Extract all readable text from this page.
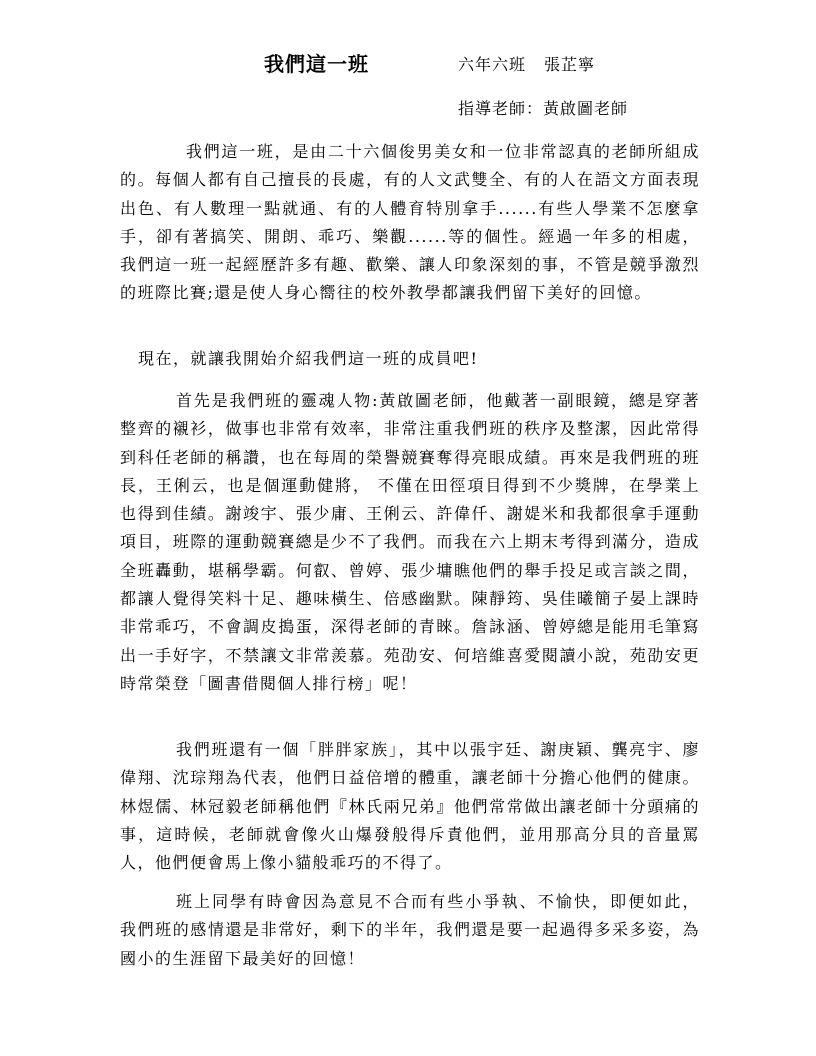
我們這一班	六年六班 張芷寧
指導老師：黃啟圖老師

我們這一班，是由二十六個俊男美女和一位非常認真的老師所組成的。每個人都有自己擅長的長處，有的人文武雙全、有的人在語文方面表現出色、有人數理一點就通、有的人體育特別拿手......有些人學業不怎麼拿手，卻有著搞笑、開朗、乖巧、樂觀......等的個性。經過一年多的相處，我們這一班一起經歷許多有趣、歡樂、讓人印象深刻的事，不管是競爭激烈的班際比賽;還是使人身心嚮往的校外教學都讓我們留下美好的回憶。

現在，就讓我開始介紹我們這一班的成員吧!

首先是我們班的靈魂人物:黃啟圖老師，他戴著一副眼鏡，總是穿著整齊的襯衫，做事也非常有效率，非常注重我們班的秩序及整潔，因此常得到科任老師的稱讚，也在每周的榮譽競賽奪得亮眼成績。再來是我們班的班長，王俐云，也是個運動健將， 不僅在田徑項目得到不少獎牌，在學業上也得到佳績。謝竣宇、張少庸、王俐云、許偉仟、謝媞米和我都很拿手運動項目，班際的運動競賽總是少不了我們。而我在六上期末考得到滿分，造成全班轟動，堪稱學霸。何叡、曾婷、張少墉瞧他們的舉手投足或言談之間，都讓人覺得笑料十足、趣味橫生、倍感幽默。陳靜筠、吳佳曦簡子晏上課時非常乖巧，不會調皮搗蛋，深得老師的青睞。詹詠涵、曾婷總是能用毛筆寫出一手好字，不禁讓文非常羨慕。苑劭安、何培維喜愛閱讀小說，苑劭安更時常榮登「圖書借閱個人排行榜」呢！

我們班還有一個「胖胖家族」，其中以張宇廷、謝庚穎、龔亮宇、廖偉翔、沈琮翔為代表，他們日益倍增的體重，讓老師十分擔心他們的健康。林煜儒、林冠毅老師稱他們『林氏兩兄弟』他們常常做出讓老師十分頭痛的事，這時候，老師就會像火山爆發般得斥責他們，並用那高分貝的音量罵人，他們便會馬上像小貓般乖巧的不得了。

班上同學有時會因為意見不合而有些小爭執、不愉快，即便如此，我們班的感情還是非常好，剩下的半年，我們還是要一起過得多采多姿，為國小的生涯留下最美好的回憶！
